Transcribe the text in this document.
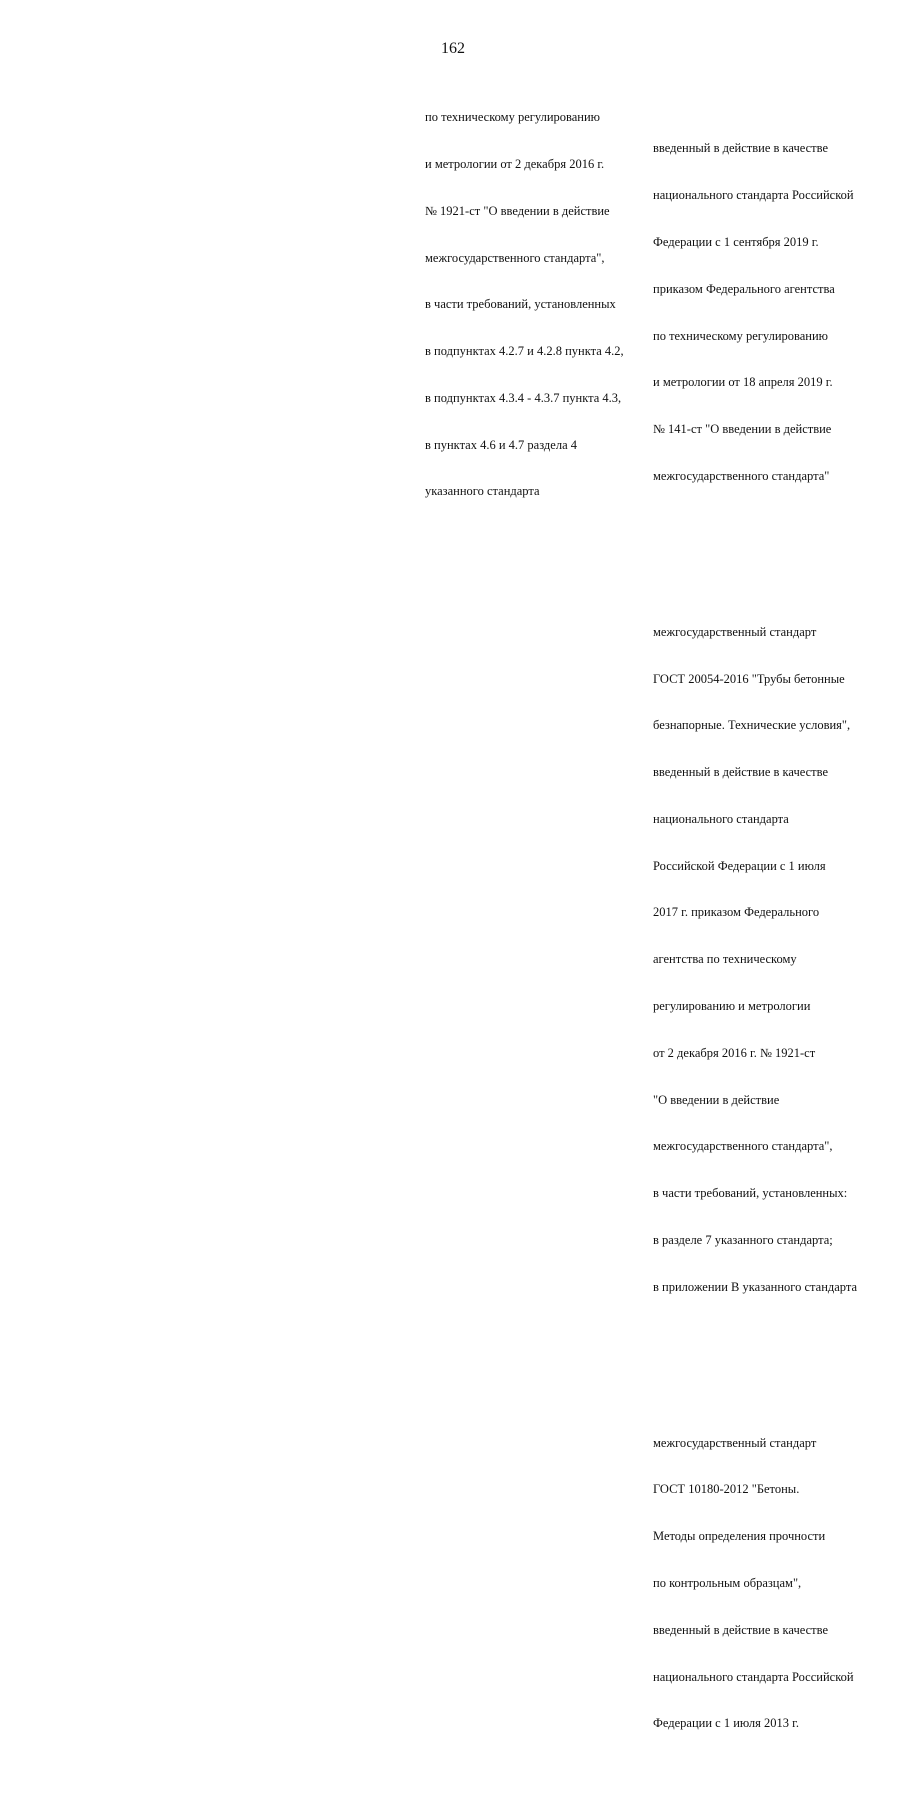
162

по техническому регулированию

и метрологии от 2 декабря 2016 г.

№ 1921-ст "О введении в действие

межгосударственного стандарта",

в части требований, установленных

в подпунктах 4.2.7 и 4.2.8 пункта 4.2,

в подпунктах 4.3.4 - 4.3.7 пункта 4.3,

в пунктах 4.6 и 4.7 раздела 4

указанного стандарта

введенный в действие в качестве

национального стандарта Российской

Федерации с 1 сентября 2019 г.

приказом Федерального агентства

по техническому регулированию

и метрологии от 18 апреля 2019 г.

№ 141-ст "О введении в действие

межгосударственного стандарта"

межгосударственный стандарт

ГОСТ 20054-2016 "Трубы бетонные

безнапорные. Технические условия",

введенный в действие в качестве

национального стандарта

Российской Федерации с 1 июля

2017 г. приказом Федерального

агентства по техническому

регулированию и метрологии

от 2 декабря 2016 г. № 1921-ст

"О введении в действие

межгосударственного стандарта",

в части требований, установленных:

в разделе 7 указанного стандарта;

в приложении В указанного стандарта

межгосударственный стандарт

ГОСТ 10180-2012 "Бетоны.

Методы определения прочности

по контрольным образцам",

введенный в действие в качестве

национального стандарта Российской

Федерации с 1 июля 2013 г.
